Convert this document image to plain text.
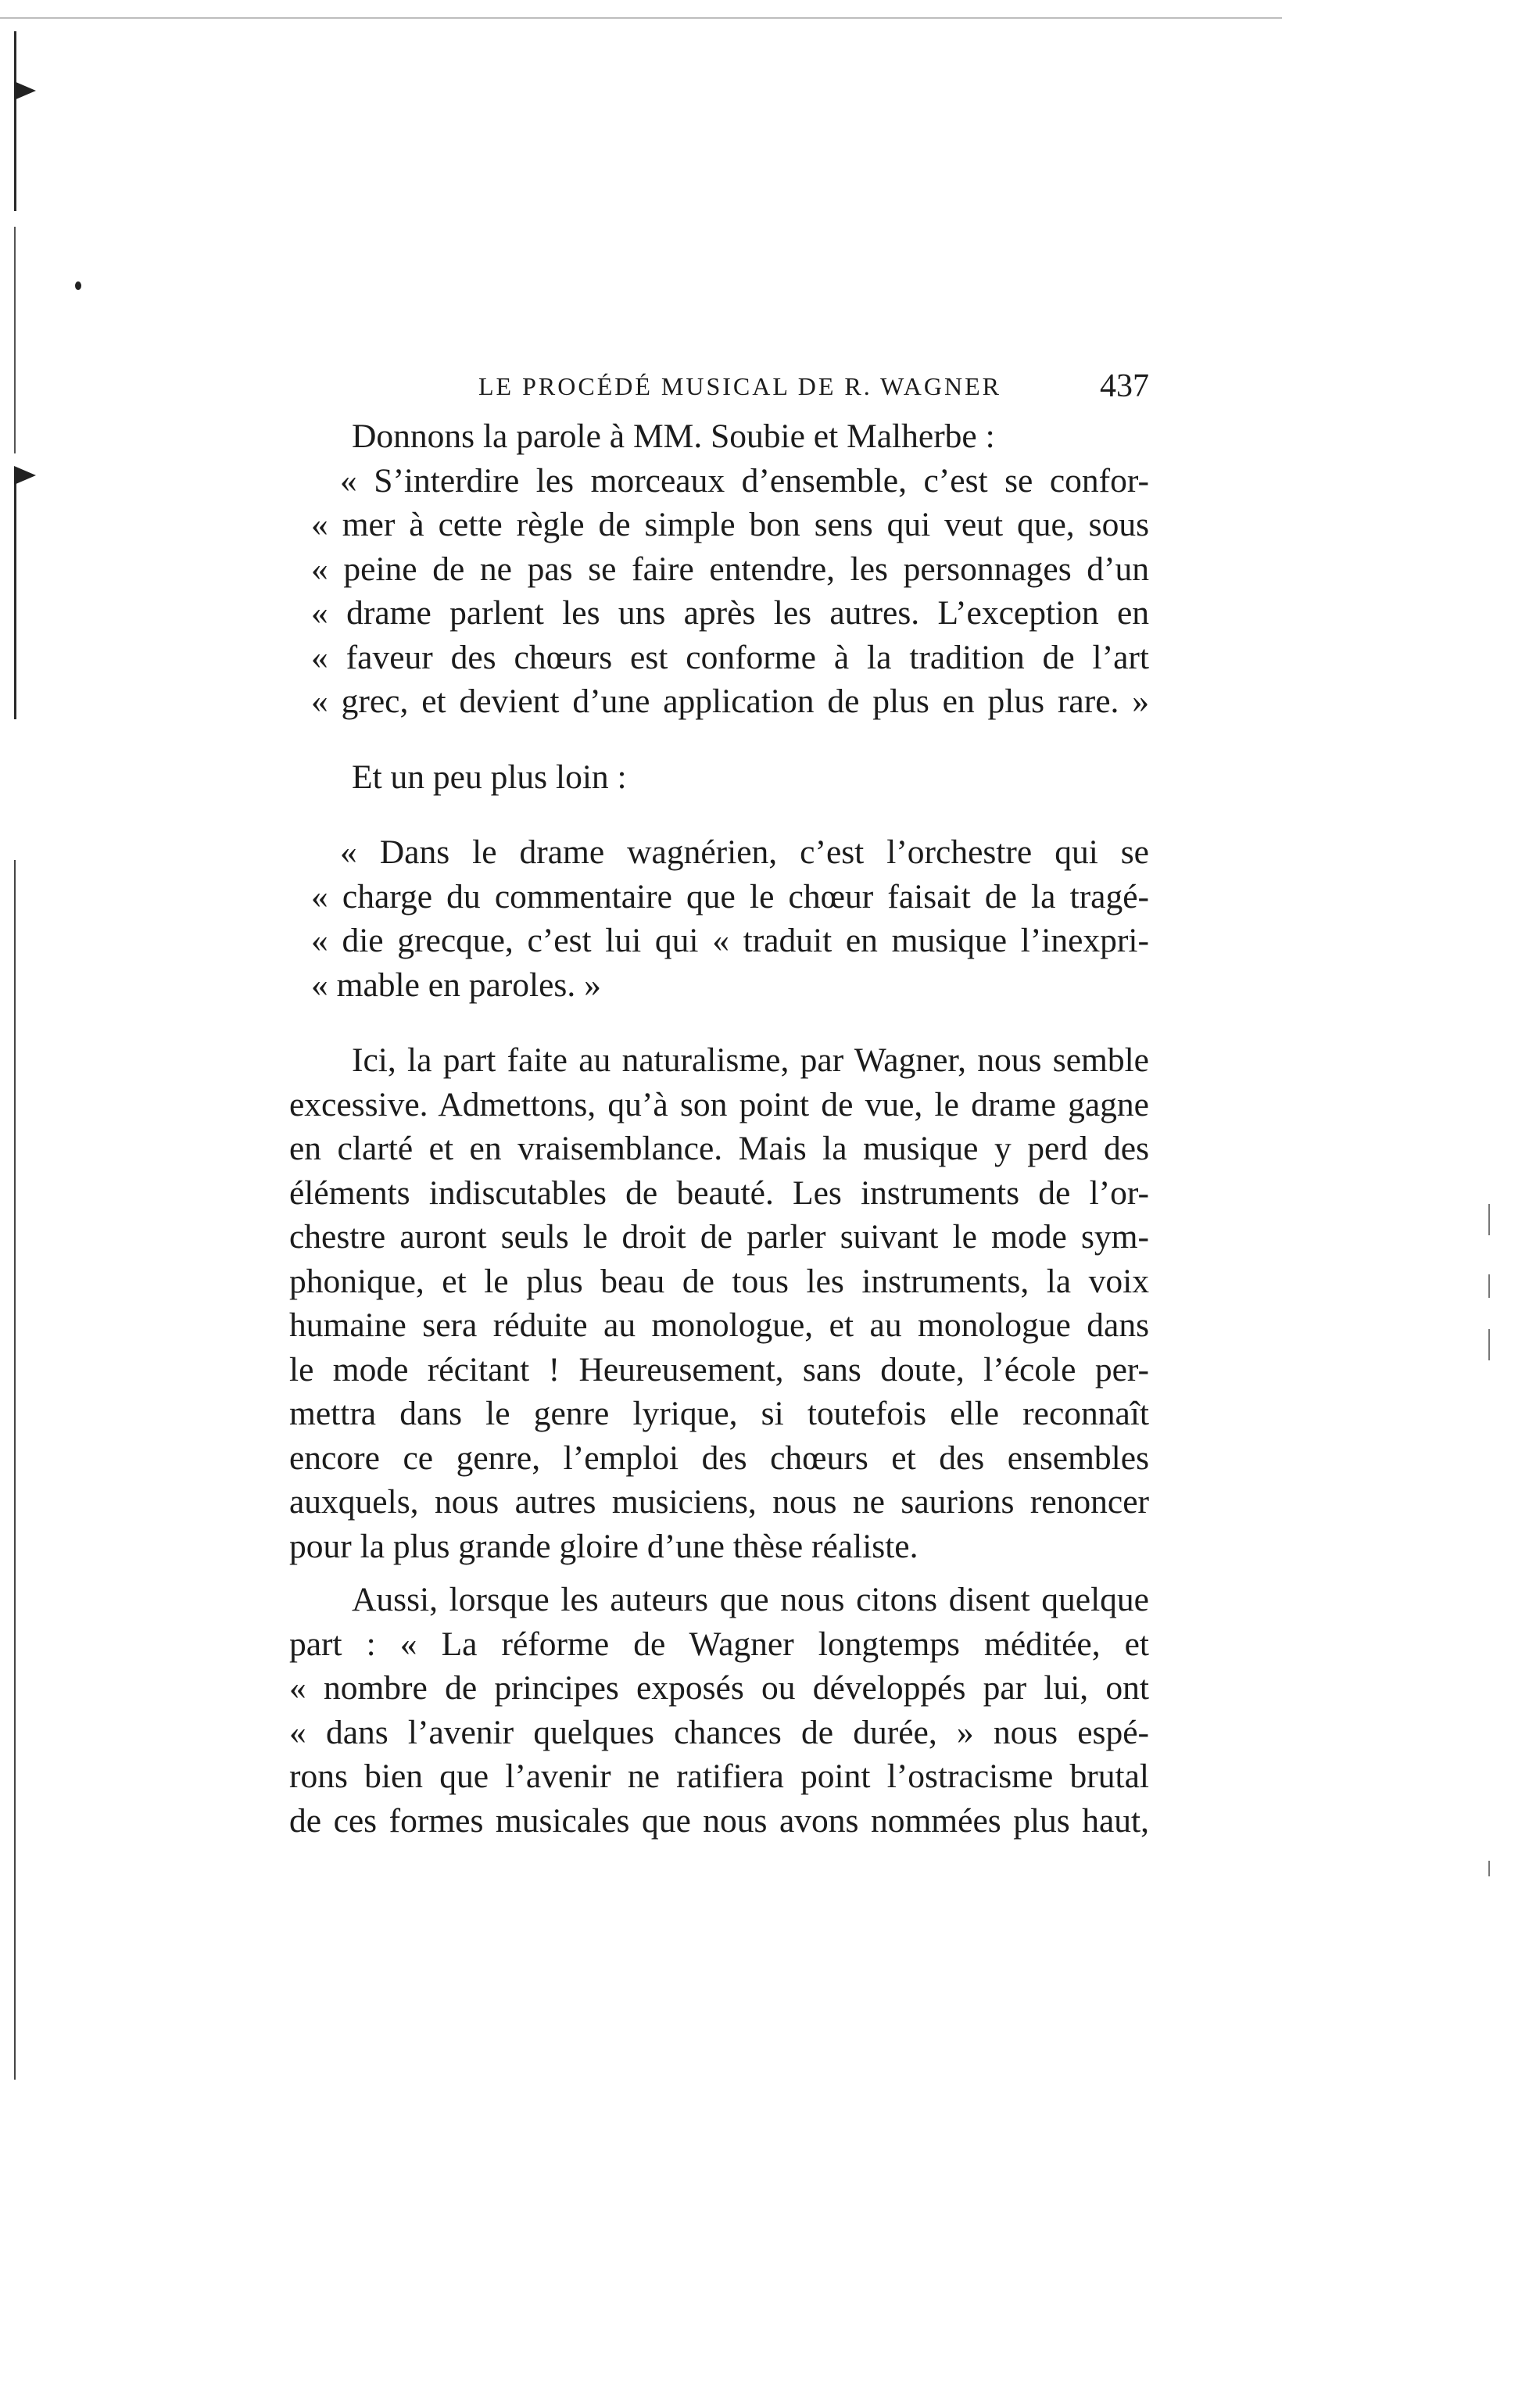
LE PROCÉDÉ MUSICAL DE R. WAGNER	437
Donnons la parole à MM. Soubie et Malherbe :
« S’interdire les morceaux d’ensemble, c’est se confor-
« mer à cette règle de simple bon sens qui veut que, sous
« peine de ne pas se faire entendre, les personnages d’un
« drame parlent les uns après les autres. L’exception en
« faveur des chœurs est conforme à la tradition de l’art
« grec, et devient d’une application de plus en plus rare. »
Et un peu plus loin :
« Dans le drame wagnérien, c’est l’orchestre qui se
« charge du commentaire que le chœur faisait de la tragé-
« die grecque, c’est lui qui « traduit en musique l’inexpri-
« mable en paroles. »
Ici, la part faite au naturalisme, par Wagner, nous semble
excessive. Admettons, qu’à son point de vue, le drame gagne
en clarté et en vraisemblance. Mais la musique y perd des
éléments indiscutables de beauté. Les instruments de l’or-
chestre auront seuls le droit de parler suivant le mode sym-
phonique, et le plus beau de tous les instruments, la voix
humaine sera réduite au monologue, et au monologue dans
le mode récitant ! Heureusement, sans doute, l’école per-
mettra dans le genre lyrique, si toutefois elle reconnaît
encore ce genre, l’emploi des chœurs et des ensembles
auxquels, nous autres musiciens, nous ne saurions renoncer
pour la plus grande gloire d’une thèse réaliste.
Aussi, lorsque les auteurs que nous citons disent quelque
part : « La réforme de Wagner longtemps méditée, et
« nombre de principes exposés ou développés par lui, ont
« dans l’avenir quelques chances de durée, » nous espé-
rons bien que l’avenir ne ratifiera point l’ostracisme brutal
de ces formes musicales que nous avons nommées plus haut,
